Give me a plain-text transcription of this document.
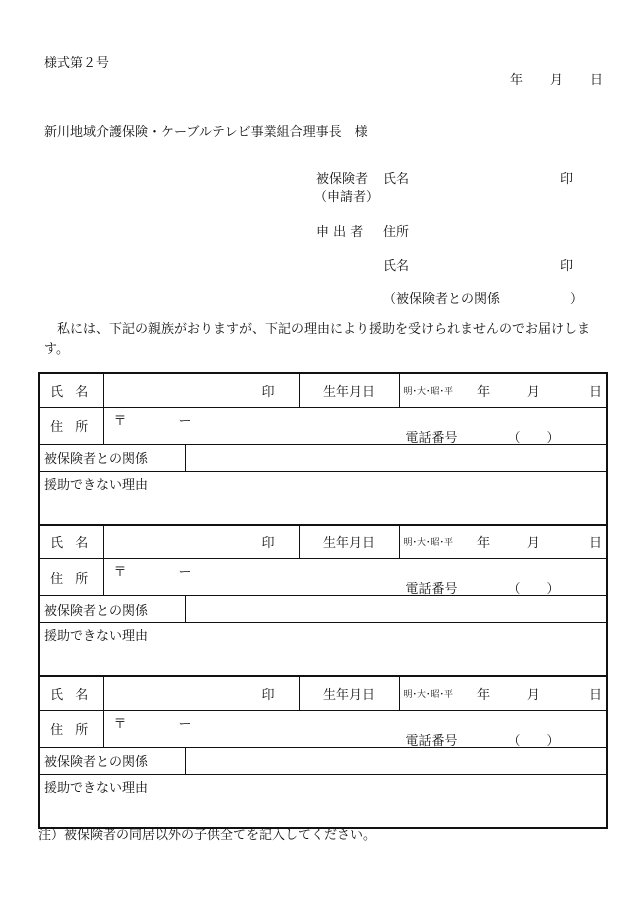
様式第２号
年 月 日
新川地域介護保険・ケーブルテレビ事業組合理事長　様
被保険者 氏名	印
（申請者）
申 出 者 住所
氏名	印
（被保険者との関係	）
　私には、下記の親族がおりますが、下記の理由により援助を受けられませんのでお届けします。
氏 名	印		生年月日	明･大･昭･平 年 月 日

住 所	〒　　　　ー
電話番号 （　　）			

被保険者との関係				
援助できない理由				
氏 名	印		生年月日	明･大･昭･平 年 月 日

住 所	〒　　　　ー
電話番号 （　　）			

被保険者との関係				
援助できない理由				
氏 名	印		生年月日	明･大･昭･平 年 月 日

住 所	〒　　　　ー
電話番号 （　　）			

被保険者との関係				
援助できない理由				
注）被保険者の同居以外の子供全てを記入してください。
